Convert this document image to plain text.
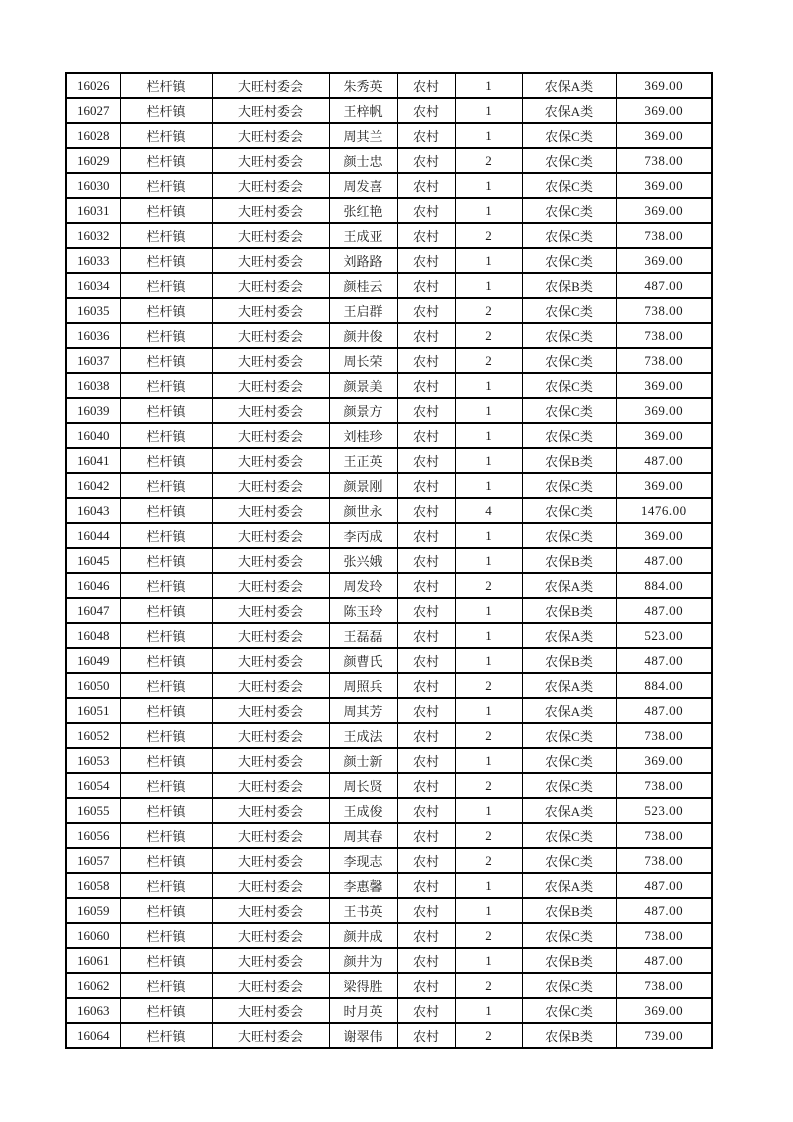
16026	栏杆镇	大旺村委会	朱秀英	农村	1	农保A类	369.00
16027	栏杆镇	大旺村委会	王梓帆	农村	1	农保A类	369.00
16028	栏杆镇	大旺村委会	周其兰	农村	1	农保C类	369.00
16029	栏杆镇	大旺村委会	颜士忠	农村	2	农保C类	738.00
16030	栏杆镇	大旺村委会	周发喜	农村	1	农保C类	369.00
16031	栏杆镇	大旺村委会	张红艳	农村	1	农保C类	369.00
16032	栏杆镇	大旺村委会	王成亚	农村	2	农保C类	738.00
16033	栏杆镇	大旺村委会	刘路路	农村	1	农保C类	369.00
16034	栏杆镇	大旺村委会	颜桂云	农村	1	农保B类	487.00
16035	栏杆镇	大旺村委会	王启群	农村	2	农保C类	738.00
16036	栏杆镇	大旺村委会	颜井俊	农村	2	农保C类	738.00
16037	栏杆镇	大旺村委会	周长荣	农村	2	农保C类	738.00
16038	栏杆镇	大旺村委会	颜景美	农村	1	农保C类	369.00
16039	栏杆镇	大旺村委会	颜景方	农村	1	农保C类	369.00
16040	栏杆镇	大旺村委会	刘桂珍	农村	1	农保C类	369.00
16041	栏杆镇	大旺村委会	王正英	农村	1	农保B类	487.00
16042	栏杆镇	大旺村委会	颜景刚	农村	1	农保C类	369.00
16043	栏杆镇	大旺村委会	颜世永	农村	4	农保C类	1476.00
16044	栏杆镇	大旺村委会	李丙成	农村	1	农保C类	369.00
16045	栏杆镇	大旺村委会	张兴娥	农村	1	农保B类	487.00
16046	栏杆镇	大旺村委会	周发玲	农村	2	农保A类	884.00
16047	栏杆镇	大旺村委会	陈玉玲	农村	1	农保B类	487.00
16048	栏杆镇	大旺村委会	王磊磊	农村	1	农保A类	523.00
16049	栏杆镇	大旺村委会	颜曹氏	农村	1	农保B类	487.00
16050	栏杆镇	大旺村委会	周照兵	农村	2	农保A类	884.00
16051	栏杆镇	大旺村委会	周其芳	农村	1	农保A类	487.00
16052	栏杆镇	大旺村委会	王成法	农村	2	农保C类	738.00
16053	栏杆镇	大旺村委会	颜士新	农村	1	农保C类	369.00
16054	栏杆镇	大旺村委会	周长贤	农村	2	农保C类	738.00
16055	栏杆镇	大旺村委会	王成俊	农村	1	农保A类	523.00
16056	栏杆镇	大旺村委会	周其春	农村	2	农保C类	738.00
16057	栏杆镇	大旺村委会	李现志	农村	2	农保C类	738.00
16058	栏杆镇	大旺村委会	李惠馨	农村	1	农保A类	487.00
16059	栏杆镇	大旺村委会	王书英	农村	1	农保B类	487.00
16060	栏杆镇	大旺村委会	颜井成	农村	2	农保C类	738.00
16061	栏杆镇	大旺村委会	颜井为	农村	1	农保B类	487.00
16062	栏杆镇	大旺村委会	梁得胜	农村	2	农保C类	738.00
16063	栏杆镇	大旺村委会	时月英	农村	1	农保C类	369.00
16064	栏杆镇	大旺村委会	谢翠伟	农村	2	农保B类	739.00
